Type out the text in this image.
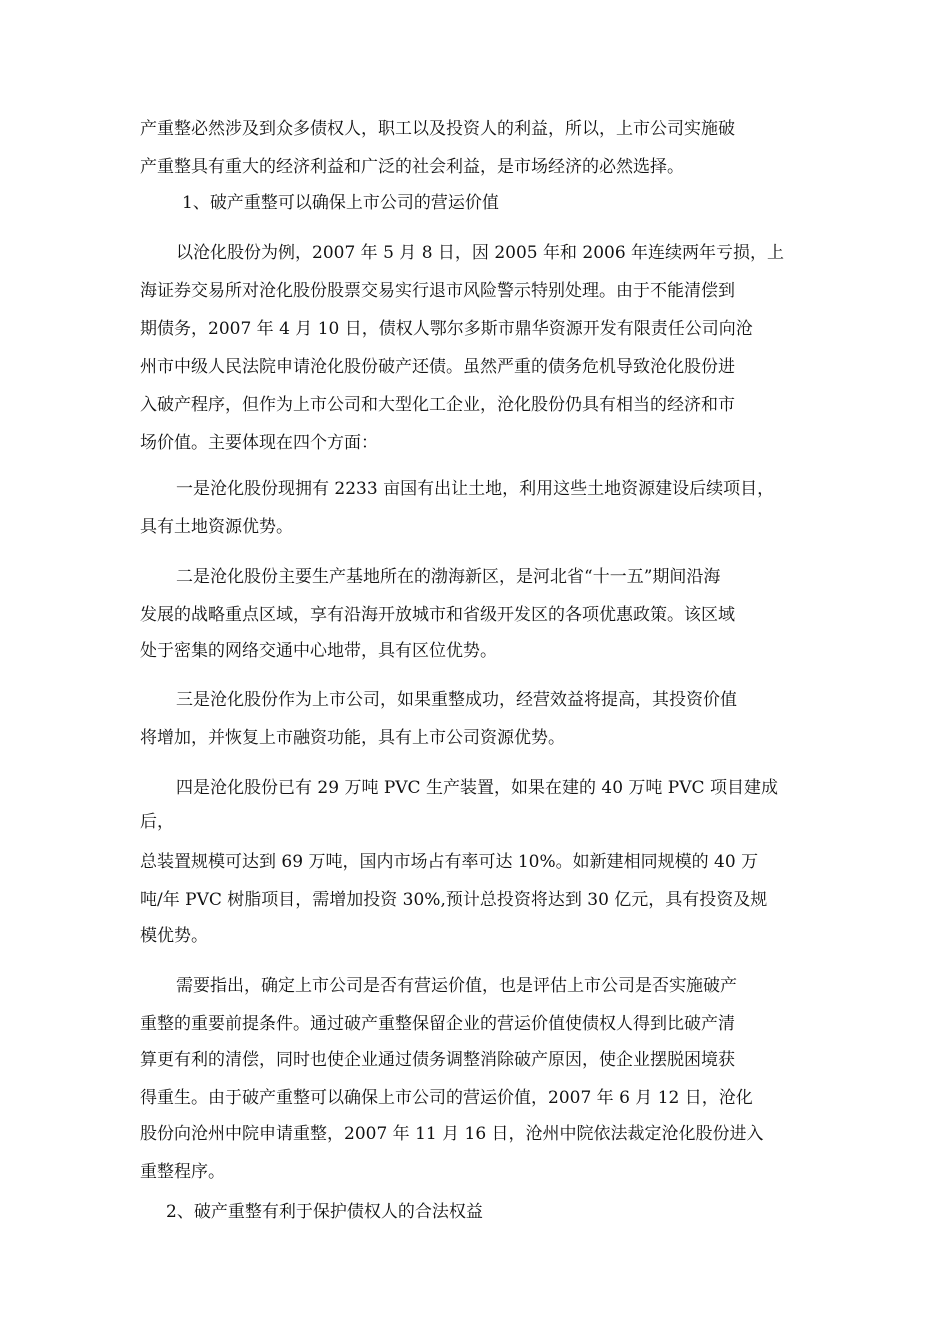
产重整必然涉及到众多债权人，职工以及投资人的利益，所以，上市公司实施破
产重整具有重大的经济利益和广泛的社会利益，是市场经济的必然选择。
1、破产重整可以确保上市公司的营运价值
以沧化股份为例，2007 年 5 月 8 日，因 2005 年和 2006 年连续两年亏损，上
海证券交易所对沧化股份股票交易实行退市风险警示特别处理。由于不能清偿到
期债务，2007 年 4 月 10 日，债权人鄂尔多斯市鼎华资源开发有限责任公司向沧
州市中级人民法院申请沧化股份破产还债。虽然严重的债务危机导致沧化股份进
入破产程序，但作为上市公司和大型化工企业，沧化股份仍具有相当的经济和市
场价值。主要体现在四个方面：
一是沧化股份现拥有 2233 亩国有出让土地，利用这些土地资源建设后续项目，
具有土地资源优势。
二是沧化股份主要生产基地所在的渤海新区，是河北省“十一五”期间沿海
发展的战略重点区域，享有沿海开放城市和省级开发区的各项优惠政策。该区域
处于密集的网络交通中心地带，具有区位优势。
三是沧化股份作为上市公司，如果重整成功，经营效益将提高，其投资价值
将增加，并恢复上市融资功能，具有上市公司资源优势。
四是沧化股份已有 29 万吨 PVC 生产装置，如果在建的 40 万吨 PVC 项目建成
后，
总装置规模可达到 69 万吨，国内市场占有率可达 10%。如新建相同规模的 40 万
吨/年 PVC 树脂项目，需增加投资 30%,预计总投资将达到 30 亿元，具有投资及规
模优势。
需要指出，确定上市公司是否有营运价值，也是评估上市公司是否实施破产
重整的重要前提条件。通过破产重整保留企业的营运价值使债权人得到比破产清
算更有利的清偿，同时也使企业通过债务调整消除破产原因，使企业摆脱困境获
得重生。由于破产重整可以确保上市公司的营运价值，2007 年 6 月 12 日，沧化
股份向沧州中院申请重整，2007 年 11 月 16 日，沧州中院依法裁定沧化股份进入
重整程序。
2、破产重整有利于保护债权人的合法权益
